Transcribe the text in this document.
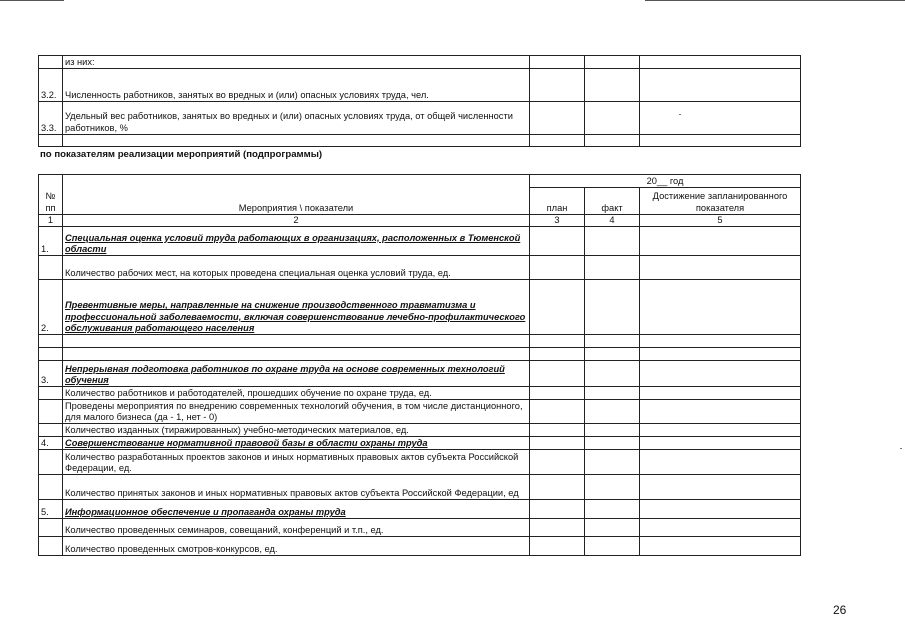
	из них:			
3.2.	Численность работников, занятых во вредных и (или) опасных условиях труда, чел.			
3.3.	Удельный вес работников, занятых во вредных и (или) опасных условиях труда, от общей численности работников, %			

по показателям реализации мероприятий (подпрограммы)
№ пп	Мероприятия \ показатели	20__ год		
		план	факт	Достижение запланированного показателя
1	2	3	4	5
1.	Специальная оценка условий труда работающих в организациях, расположенных в Тюменской области			
	Количество рабочих мест, на которых проведена специальная оценка условий труда, ед.			
2.	Превентивные меры, направленные на снижение производственного травматизма и профессиональной заболеваемости, включая совершенствование лечебно-профилактического обслуживания работающего населения			

3.	Непрерывная подготовка работников по охране труда на основе современных технологий обучения			
	Количество работников и работодателей, прошедших обучение по охране труда, ед.			
	Проведены мероприятия по внедрению современных технологий обучения, в том числе дистанционного, для малого бизнеса (да - 1, нет - 0)			
	Количество изданных (тиражированных) учебно-методических материалов, ед.			
4.	Совершенствование нормативной правовой базы в области охраны труда			
	Количество разработанных проектов законов и иных нормативных правовых актов субъекта Российской Федерации, ед.			
	Количество принятых законов и иных нормативных правовых актов субъекта Российской Федерации, ед			
5.	Информационное обеспечение и пропаганда охраны труда			
	Количество проведенных семинаров, совещаний, конференций и т.п., ед.			
	Количество проведенных смотров-конкурсов, ед.			
26
